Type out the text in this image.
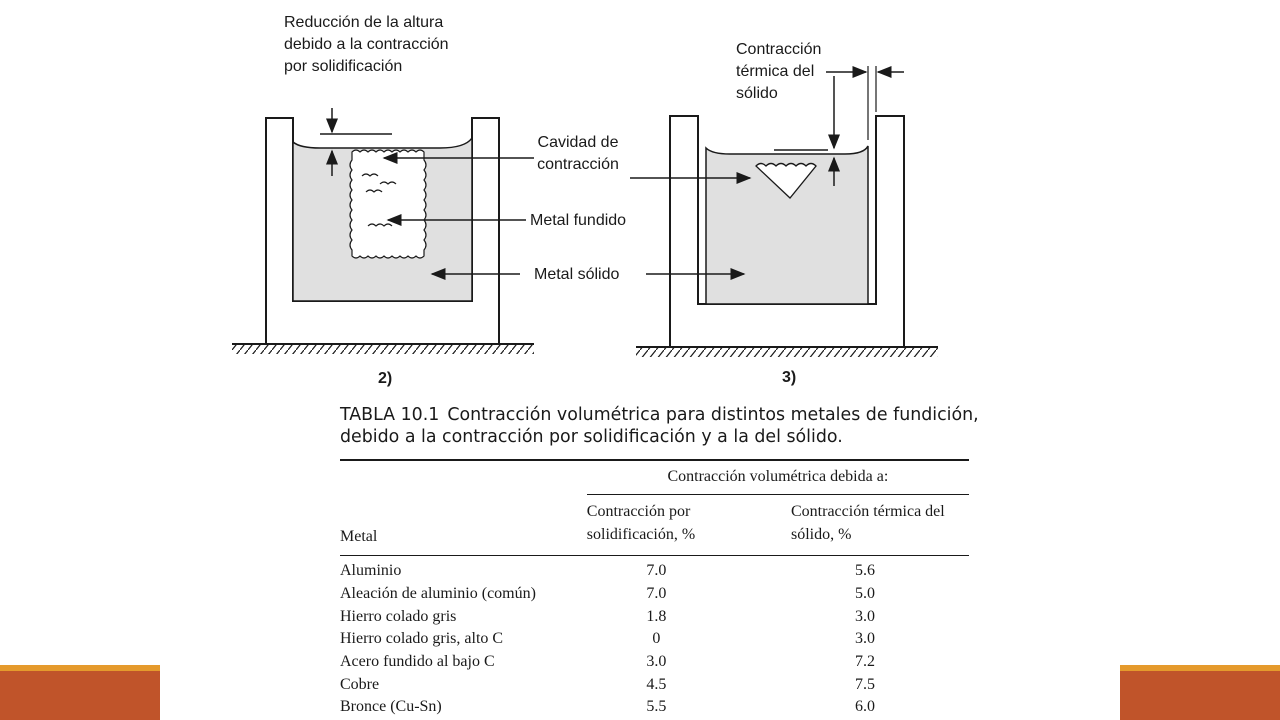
Reducción de la altura debido a la contracción por solidificación
Cavidad de contracción
Metal fundido
Metal sólido
2)
Contracción térmica del sólido
3)
TABLA 10.1 Contracción volumétrica para distintos metales de fundición, debido a la contracción por solidificación y a la del sólido.
	Contracción volumétrica debida a:	
Metal	Contracción por solidificación, %	Contracción térmica del sólido, %

Aluminio	7.0	5.6
Aleación de aluminio (común)	7.0	5.0
Hierro colado gris	1.8	3.0
Hierro colado gris, alto C	0	3.0
Acero fundido al bajo C	3.0	7.2
Cobre	4.5	7.5
Bronce (Cu-Sn)	5.5	6.0
